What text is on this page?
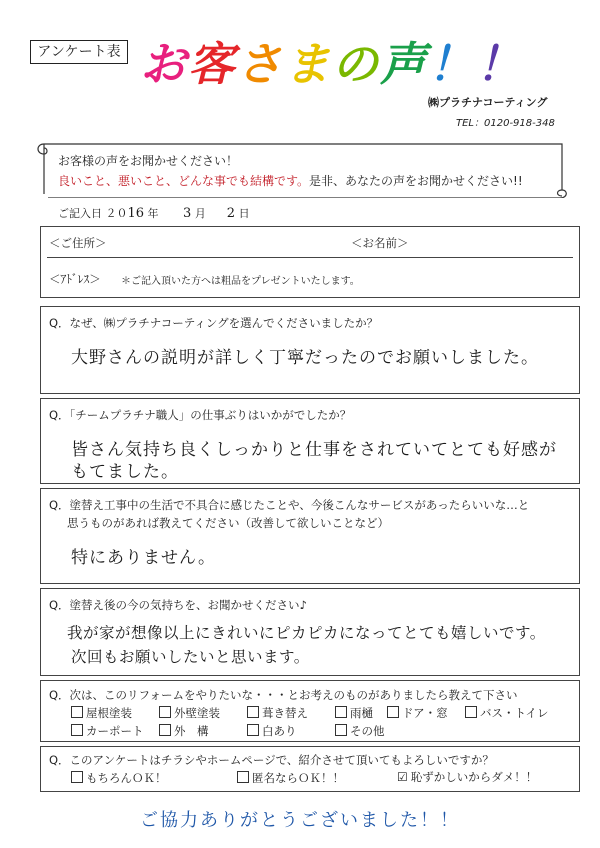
アンケート表 お客さまの声！！
㈱プラチナコーティング
TEL：0120-918-348
お客様の声をお聞かせください！
良いこと、悪いこと、どんな事でも結構です。是非、あなたの声をお聞かせください!!
ご記入日 ２０16 年 3 月 2 日
＜ご住所＞	＜お名前＞
＜ｱﾄﾞﾚｽ＞ ＊ご記入頂いた方へは粗品をプレゼントいたします。
Q．なぜ、㈱プラチナコーティングを選んでくださいましたか？
大野さんの説明が詳しく丁寧だったのでお願いしました。
Q．「チームプラチナ職人」の仕事ぶりはいかがでしたか？
皆さん気持ち良くしっかりと仕事をされていてとても好感が
もてました。
Q．塗替え工事中の生活で不具合に感じたことや、今後こんなサービスがあったらいいな…と
思うものがあれば教えてください（改善して欲しいことなど）
特にありません。
Q．塗替え後の今の気持ちを、お聞かせください♪
我が家が想像以上にきれいにピカピカになってとても嬉しいです。
次回もお願いしたいと思います。
Q．次は、このリフォームをやりたいな・・・とお考えのものがありましたら教えて下さい
屋根塗装	外壁塗装	葺き替え	雨樋	ドア・窓	バス・トイレ
カーポート	外　構	白あり	その他
Q．このアンケートはチラシやホームページで、紹介させて頂いてもよろしいですか？
もちろんＯＫ！	匿名ならＯＫ！！	☑ 恥ずかしいからダメ！！
ご協力ありがとうございました！！
